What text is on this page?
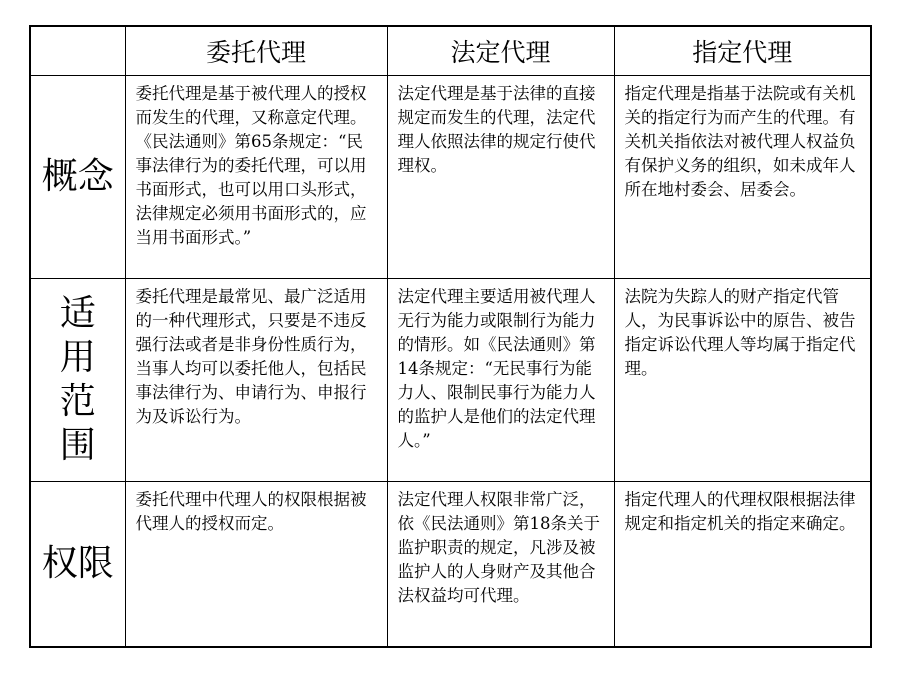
	委托代理	法定代理	指定代理
概念	委托代理是基于被代理人的授权而发生的代理，又称意定代理。《民法通则》第65条规定：“民事法律行为的委托代理，可以用书面形式，也可以用口头形式，法律规定必须用书面形式的，应当用书面形式。”	法定代理是基于法律的直接规定而发生的代理，法定代理人依照法律的规定行使代理权。	指定代理是指基于法院或有关机关的指定行为而产生的代理。有关机关指依法对被代理人权益负有保护义务的组织，如未成年人所在地村委会、居委会。
适用范围	委托代理是最常见、最广泛适用的一种代理形式，只要是不违反强行法或者是非身份性质行为，当事人均可以委托他人，包括民事法律行为、申请行为、申报行为及诉讼行为。	法定代理主要适用被代理人无行为能力或限制行为能力的情形。如《民法通则》第14条规定：“无民事行为能力人、限制民事行为能力人的监护人是他们的法定代理人。”	法院为失踪人的财产指定代管人，为民事诉讼中的原告、被告指定诉讼代理人等均属于指定代理。
权限	委托代理中代理人的权限根据被代理人的授权而定。	法定代理人权限非常广泛，依《民法通则》第18条关于监护职责的规定，凡涉及被监护人的人身财产及其他合法权益均可代理。	指定代理人的代理权限根据法律规定和指定机关的指定来确定。
